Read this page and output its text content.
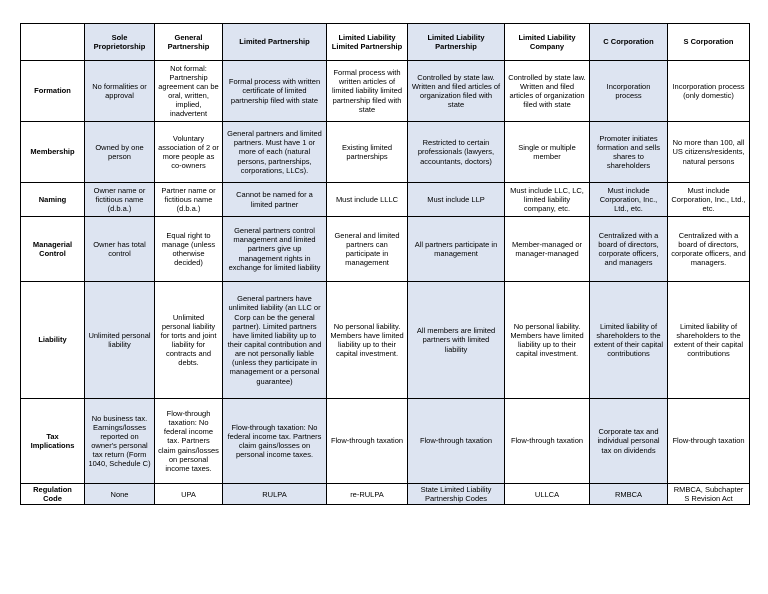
	Sole Proprietorship	General Partnership	Limited Partnership	Limited Liability Limited Partnership	Limited Liability Partnership	Limited Liability Company	C Corporation	S Corporation
Formation	No formalities or approval	Not formal: Partnership agreement can be oral, written, implied, inadvertent	Formal process with written certificate of limited partnership filed with state	Formal process with written articles of limited liability limited partnership filed with state	Controlled by state law. Written and filed articles of organization filed with state	Controlled by state law. Written and filed articles of organization filed with state	Incorporation process	Incorporation process (only domestic)
Membership	Owned by one person	Voluntary association of 2 or more people as co-owners	General partners and limited partners. Must have 1 or more of each (natural persons, partnerships, corporations, LLCs).	Existing limited partnerships	Restricted to certain professionals (lawyers, accountants, doctors)	Single or multiple member	Promoter initiates formation and sells shares to shareholders	No more than 100, all US citizens/residents, natural persons
Naming	Owner name or fictitious name (d.b.a.)	Partner name or fictitious name (d.b.a.)	Cannot be named for a limited partner	Must include LLLC	Must include LLP	Must include LLC, LC, limited liability company, etc.	Must include Corporation, Inc., Ltd., etc.	Must include Corporation, Inc., Ltd., etc.
Managerial Control	Owner has total control	Equal right to manage (unless otherwise decided)	General partners control management and limited partners give up management rights in exchange for limited liability	General and limited partners can participate in management	All partners participate in management	Member-managed or manager-managed	Centralized with a board of directors, corporate officers, and managers	Centralized with a board of directors, corporate officers, and managers.
Liability	Unlimited personal liability	Unlimited personal liability for torts and joint liability for contracts and debts.	General partners have unlimited liability (an LLC or Corp can be the general partner). Limited partners have limited liability up to their capital contribution and are not personally liable (unless they participate in management or a personal guarantee)	No personal liability. Members have limited liability up to their capital investment.	All members are limited partners with limited liability	No personal liability. Members have limited liability up to their capital investment.	Limited liability of shareholders to the extent of their capital contributions	Limited liability of shareholders to the extent of their capital contributions
Tax Implications	No business tax. Earnings/losses reported on owner's personal tax return (Form 1040, Schedule C)	Flow-through taxation: No federal income tax. Partners claim gains/losses on personal income taxes.	Flow-through taxation: No federal income tax. Partners claim gains/losses on personal income taxes.	Flow-through taxation	Flow-through taxation	Flow-through taxation	Corporate tax and individual personal tax on dividends	Flow-through taxation
Regulation Code	None	UPA	RULPA	re-RULPA	State Limited Liability Partnership Codes	ULLCA	RMBCA	RMBCA, Subchapter S Revision Act
